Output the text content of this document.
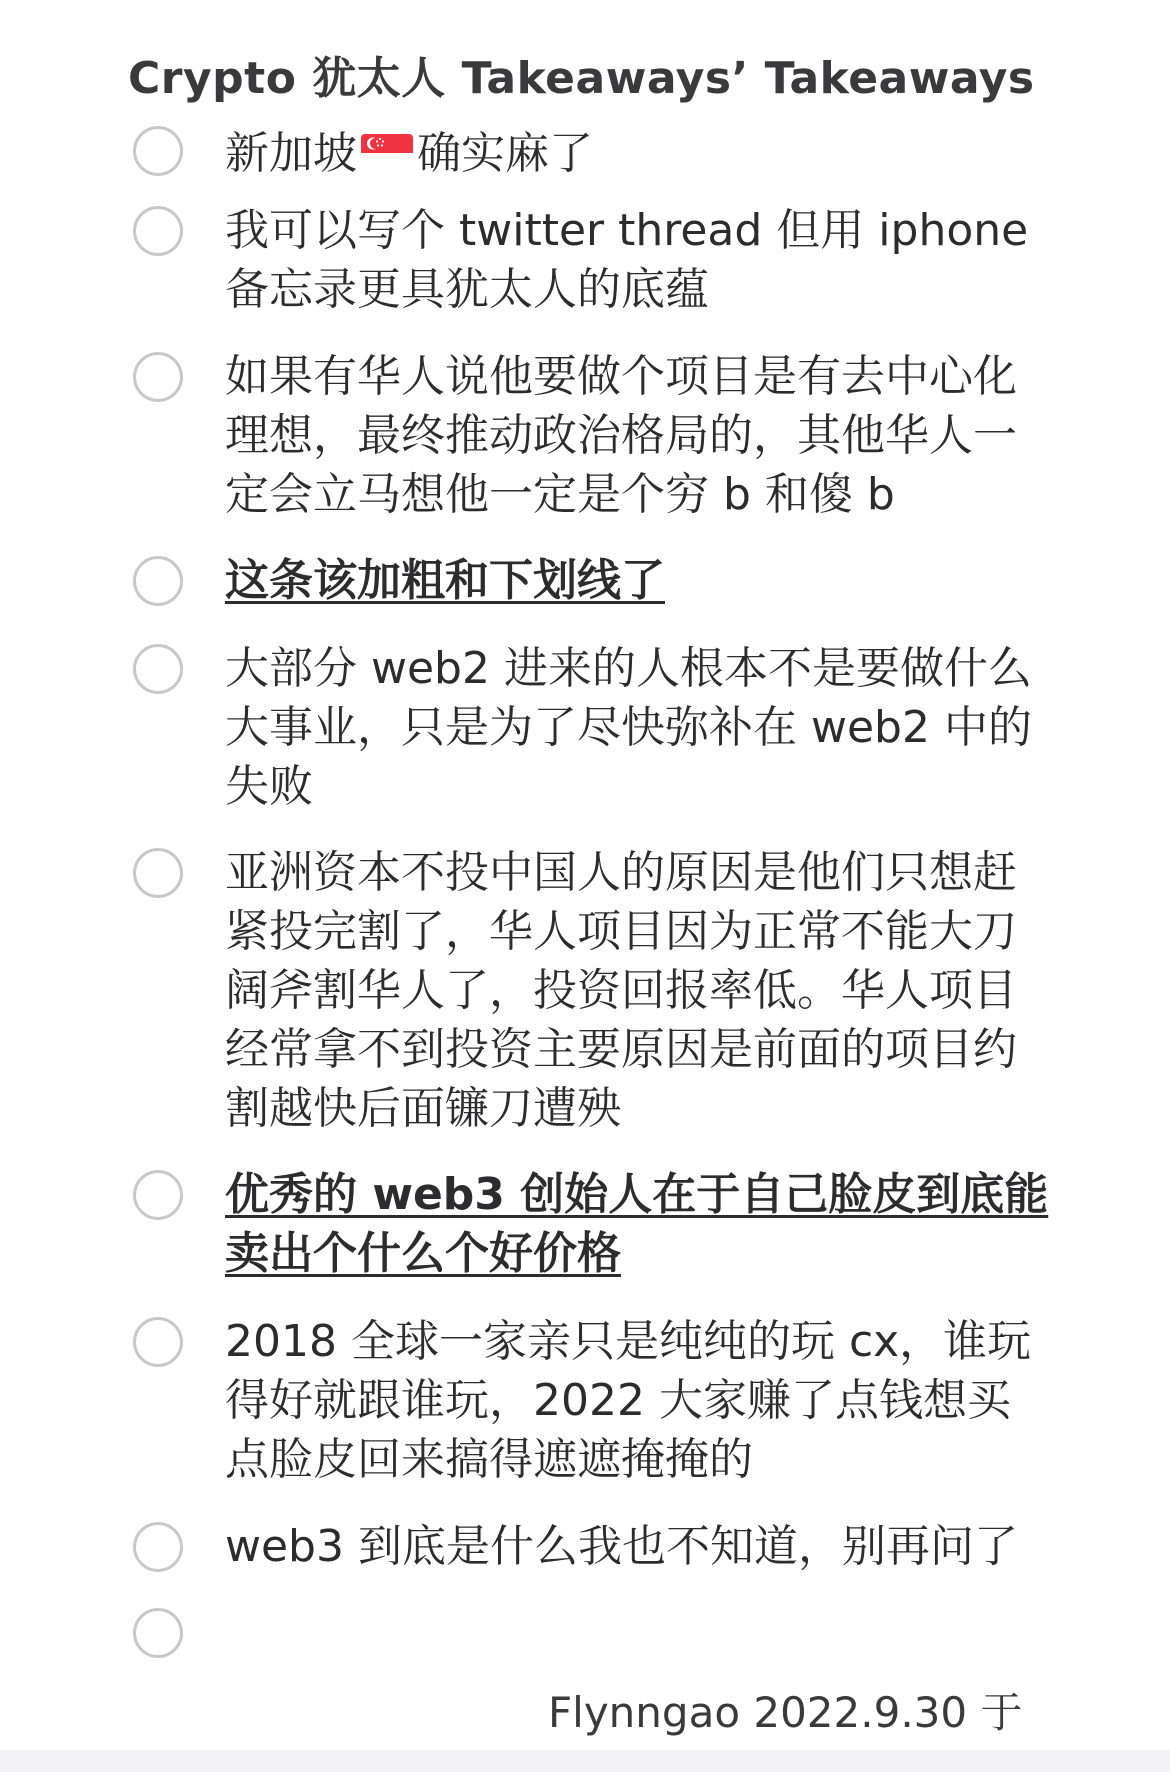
Crypto 犹太人 Takeaways’ Takeaways
新加坡 确实麻了
我可以写个 twitter thread 但用 iphone 备忘录更具犹太人的底蕴
如果有华人说他要做个项目是有去中心化理想，最终推动政治格局的，其他华人一定会立马想他一定是个穷 b 和傻 b
这条该加粗和下划线了
大部分 web2 进来的人根本不是要做什么大事业，只是为了尽快弥补在 web2 中的失败
亚洲资本不投中国人的原因是他们只想赶紧投完割了，华人项目因为正常不能大刀阔斧割华人了，投资回报率低。华人项目经常拿不到投资主要原因是前面的项目约割越快后面镰刀遭殃
优秀的 web3 创始人在于自己脸皮到底能卖出个什么个好价格
2018 全球一家亲只是纯纯的玩 cx，谁玩得好就跟谁玩，2022 大家赚了点钱想买点脸皮回来搞得遮遮掩掩的
web3 到底是什么我也不知道，别再问了
Flynngao 2022.9.30 于
